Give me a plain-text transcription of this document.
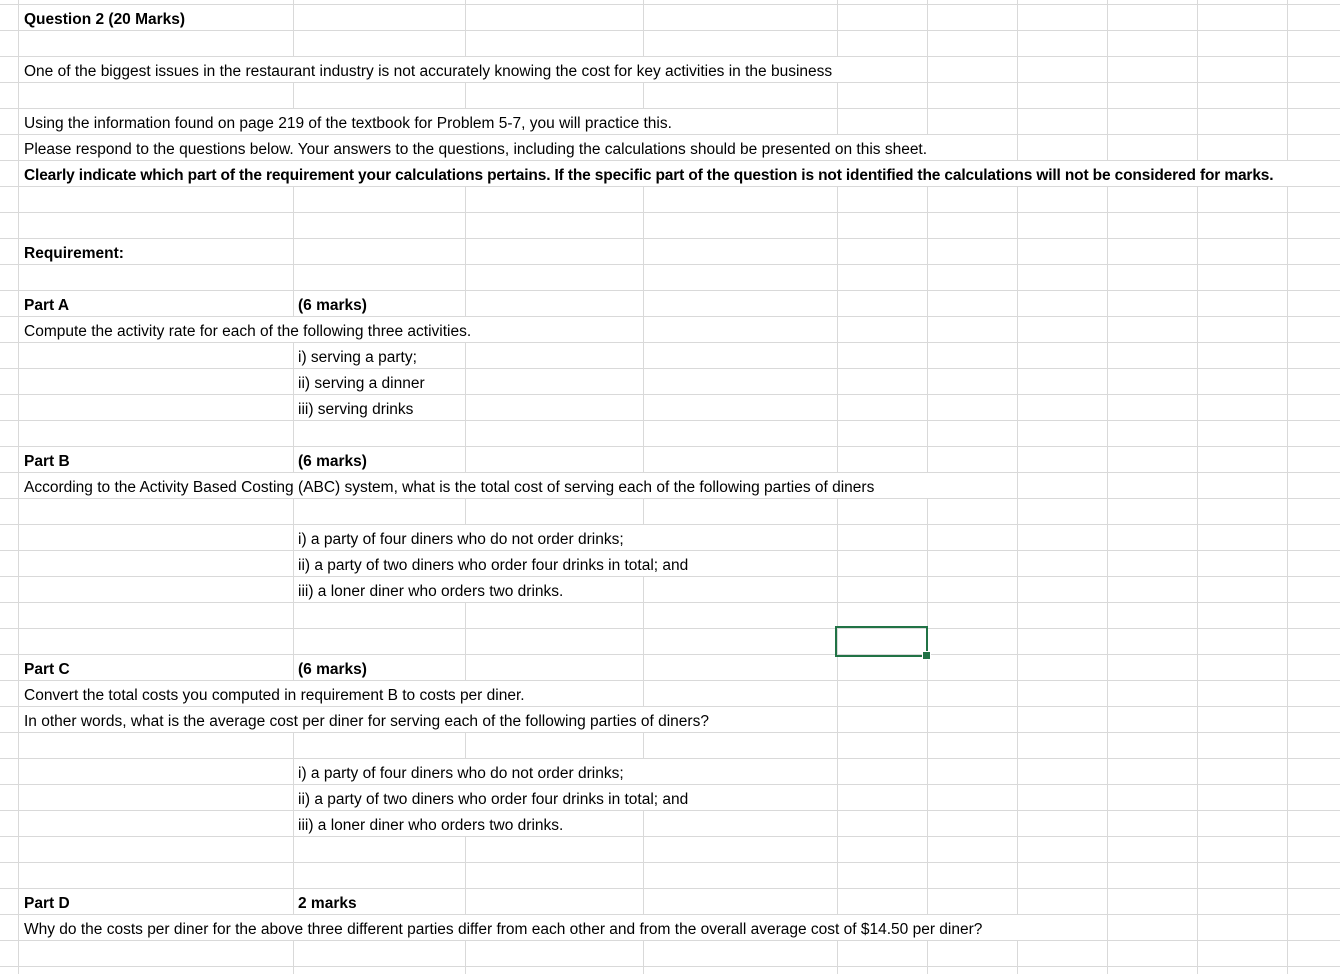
Question 2 (20 Marks)
One of the biggest issues in the restaurant industry is not accurately knowing the cost for key activities in the business
Using the information found on page 219 of the textbook for Problem 5-7, you will practice this.
Please respond to the questions below. Your answers to the questions, including the calculations should be presented on this sheet.
Clearly indicate which part of the requirement your calculations pertains. If the specific part of the question is not identified the calculations will not be considered for marks.
Requirement:
Part A	(6 marks)
Compute the activity rate for each of the following three activities.
i) serving a party;
ii) serving a dinner
iii) serving drinks
Part B	(6 marks)
According to the Activity Based Costing (ABC) system, what is the total cost of serving each of the following parties of diners
i) a party of four diners who do not order drinks;
ii) a party of two diners who order four drinks in total; and
iii) a loner diner who orders two drinks.
Part C	(6 marks)
Convert the total costs you computed in requirement B to costs per diner.
In other words, what is the average cost per diner for serving each of the following parties of diners?
i) a party of four diners who do not order drinks;
ii) a party of two diners who order four drinks in total; and
iii) a loner diner who orders two drinks.
Part D	2 marks
Why do the costs per diner for the above three different parties differ from each other and from the overall average cost of $14.50 per diner?
